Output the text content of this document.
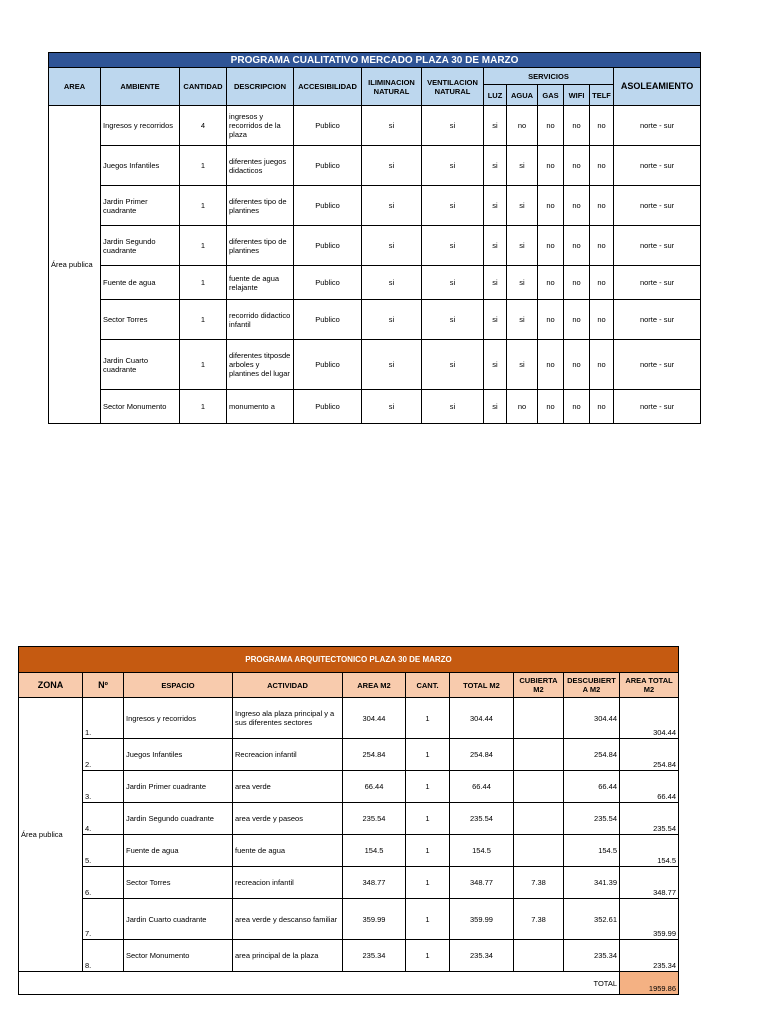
PROGRAMA CUALITATIVO MERCADO PLAZA 30 DE MARZO												
AREA	AMBIENTE	CANTIDAD	DESCRIPCION	ACCESIBILIDAD	ILIMINACION NATURAL	VENTILACION NATURAL	SERVICIOS					ASOLEAMIENTO
							LUZ	AGUA	GAS	WIFI	TELF	
Área publica	Ingresos y recorridos	4	ingresos y recorridos de la plaza	Publico	si	si	si	no	no	no	no	norte - sur
	Juegos Infantiles	1	diferentes juegos didacticos	Publico	si	si	si	si	no	no	no	norte - sur
	Jardin Primer cuadrante	1	diferentes tipo de plantines	Publico	si	si	si	si	no	no	no	norte - sur
	Jardin Segundo cuadrante	1	diferentes tipo de plantines	Publico	si	si	si	si	no	no	no	norte - sur
	Fuente de agua	1	fuente de agua relajante	Publico	si	si	si	si	no	no	no	norte - sur
	Sector Torres	1	recorrido didactico infantil	Publico	si	si	si	si	no	no	no	norte - sur
	Jardin Cuarto cuadrante	1	diferentes titposde arboles y plantines del lugar	Publico	si	si	si	si	no	no	no	norte - sur
	Sector Monumento	1	monumento a	Publico	si	si	si	no	no	no	no	norte - sur
PROGRAMA ARQUITECTONICO PLAZA 30 DE MARZO									
ZONA	Nº	ESPACIO	ACTIVIDAD	AREA M2	CANT.	TOTAL M2	CUBIERTA M2	DESCUBIERT A M2	AREA TOTAL M2
Área publica	1.	Ingresos y recorridos	Ingreso ala plaza principal y a sus diferentes sectores	304.44	1	304.44		304.44	304.44
	2.	Juegos Infantiles	Recreacion infantil	254.84	1	254.84		254.84	254.84
	3.	Jardin Primer cuadrante	area verde	66.44	1	66.44		66.44	66.44
	4.	Jardin Segundo cuadrante	area verde y paseos	235.54	1	235.54		235.54	235.54
	5.	Fuente de agua	fuente de agua	154.5	1	154.5		154.5	154.5
	6.	Sector Torres	recreacion infantil	348.77	1	348.77	7.38	341.39	348.77
	7.	Jardin Cuarto cuadrante	area verde y descanso familiar	359.99	1	359.99	7.38	352.61	359.99
	8.	Sector Monumento	area principal de la plaza	235.34	1	235.34		235.34	235.34
TOTAL									1959.86
